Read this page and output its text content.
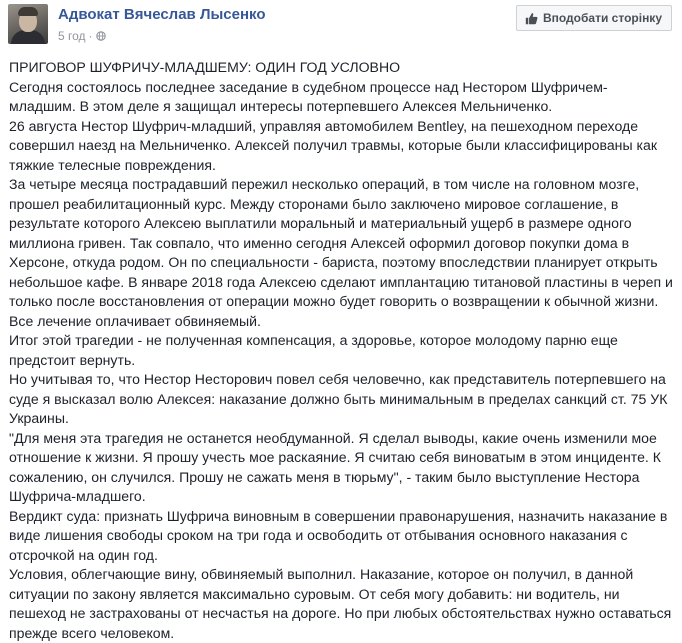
Адвокат Вячеслав Лысенко
5 год ·
Вподобати сторінку

ПРИГОВОР ШУФРИЧУ-МЛАДШЕМУ: ОДИН ГОД УСЛОВНО

Сегодня состоялось последнее заседание в судебном процессе над Нестором Шуфричем-младшим. В этом деле я защищал интересы потерпевшего Алексея Мельниченко.

26 августа Нестор Шуфрич-младший, управляя автомобилем Bentley, на пешеходном переходе совершил наезд на Мельниченко. Алексей получил травмы, которые были классифицированы как тяжкие телесные повреждения.

За четыре месяца пострадавший пережил несколько операций, в том числе на головном мозге, прошел реабилитационный курс. Между сторонами было заключено мировое соглашение, в результате которого Алексею выплатили моральный и материальный ущерб в размере одного миллиона гривен. Так совпало, что именно сегодня Алексей оформил договор покупки дома в Херсоне, откуда родом. Он по специальности - бариста, поэтому впоследствии планирует открыть небольшое кафе. В январе 2018 года Алексею сделают имплантацию титановой пластины в череп и только после восстановления от операции можно будет говорить о возвращении к обычной жизни. Все лечение оплачивает обвиняемый.

Итог этой трагедии - не полученная компенсация, а здоровье, которое молодому парню еще предстоит вернуть.

Но учитывая то, что Нестор Несторович повел себя человечно, как представитель потерпевшего на суде я высказал волю Алексея: наказание должно быть минимальным в пределах санкций ст. 75 УК Украины.

"Для меня эта трагедия не останется необдуманной. Я сделал выводы, какие очень изменили мое отношение к жизни. Я прошу учесть мое раскаяние. Я считаю себя виноватым в этом инциденте. К сожалению, он случился. Прошу не сажать меня в тюрьму", - таким было выступление Нестора Шуфрича-младшего.

Вердикт суда: признать Шуфрича виновным в совершении правонарушения, назначить наказание в виде лишения свободы сроком на три года и освободить от отбывания основного наказания с отсрочкой на один год.

Условия, облегчающие вину, обвиняемый выполнил. Наказание, которое он получил, в данной ситуации по закону является максимально суровым. От себя могу добавить: ни водитель, ни пешеход не застрахованы от несчастья на дороге. Но при любых обстоятельствах нужно оставаться прежде всего человеком.
